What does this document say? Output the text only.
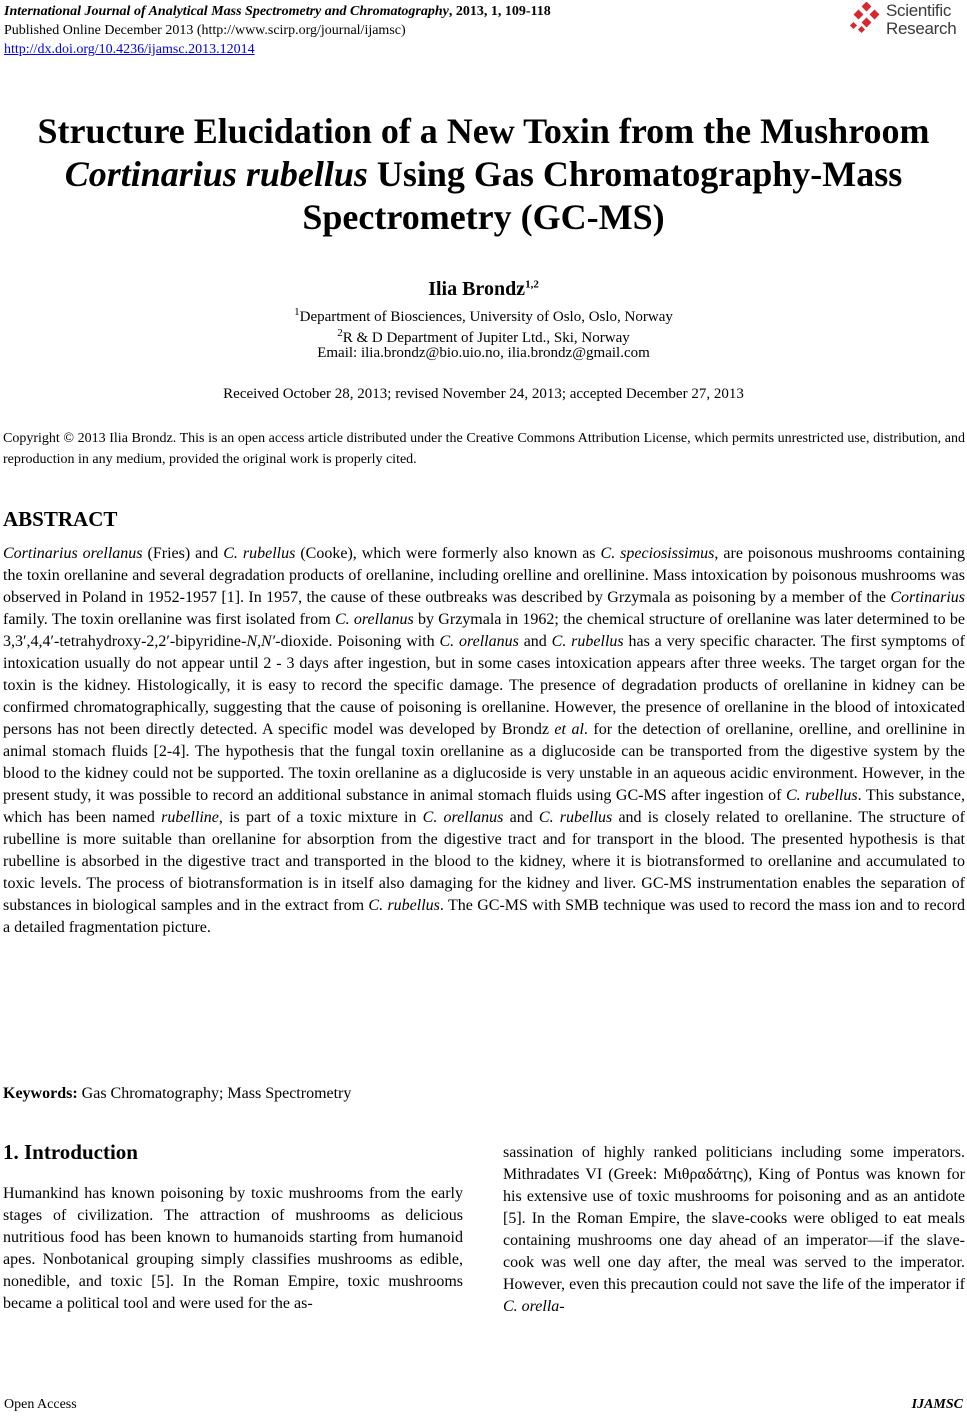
International Journal of Analytical Mass Spectrometry and Chromatography, 2013, 1, 109-118
Published Online December 2013 (http://www.scirp.org/journal/ijamsc)
http://dx.doi.org/10.4236/ijamsc.2013.12014
Scientific
Research
Structure Elucidation of a New Toxin from the Mushroom
Cortinarius rubellus Using Gas Chromatography-Mass
Spectrometry (GC-MS)
Ilia Brondz$^{1,2}$
$^1$Department of Biosciences, University of Oslo, Oslo, Norway
$^2$R & D Department of Jupiter Ltd., Ski, Norway
Email: ilia.brondz@bio.uio.no, ilia.brondz@gmail.com
Received October 28, 2013; revised November 24, 2013; accepted December 27, 2013
Copyright © 2013 Ilia Brondz. This is an open access article distributed under the Creative Commons Attribution License, which permits unrestricted use, distribution, and reproduction in any medium, provided the original work is properly cited.
ABSTRACT

Cortinarius orellanus (Fries) and C. rubellus (Cooke), which were formerly also known as C. speciosissimus, are poisonous mushrooms containing the toxin orellanine and several degradation products of orellanine, including orelline and orellinine. Mass intoxication by poisonous mushrooms was observed in Poland in 1952-1957 [1]. In 1957, the cause of these outbreaks was described by Grzymala as poisoning by a member of the Cortinarius family. The toxin orellanine was first isolated from C. orellanus by Grzymala in 1962; the chemical structure of orellanine was later determined to be 3,3′,4,4′-tetrahydroxy-2,2′-bipyridine-N,N′-dioxide. Poisoning with C. orellanus and C. rubellus has a very specific character. The first symptoms of intoxication usually do not appear until 2 - 3 days after ingestion, but in some cases intoxication appears after three weeks. The target organ for the toxin is the kidney. Histologically, it is easy to record the specific damage. The presence of degradation products of orellanine in kidney can be confirmed chromatographically, suggesting that the cause of poisoning is orellanine. However, the presence of orellanine in the blood of intoxicated persons has not been directly detected. A specific model was developed by Brondz et al. for the detection of orellanine, orelline, and orellinine in animal stomach fluids [2-4]. The hypothesis that the fungal toxin orellanine as a diglucoside can be transported from the digestive system by the blood to the kidney could not be supported. The toxin orellanine as a diglucoside is very unstable in an aqueous acidic environment. However, in the present study, it was possible to record an additional substance in animal stomach fluids using GC-MS after ingestion of C. rubellus. This substance, which has been named rubelline, is part of a toxic mixture in C. orellanus and C. rubellus and is closely related to orellanine. The structure of rubelline is more suitable than orellanine for absorption from the digestive tract and for transport in the blood. The presented hypothesis is that rubelline is absorbed in the digestive tract and transported in the blood to the kidney, where it is biotransformed to orellanine and accumulated to toxic levels. The process of biotransformation is in itself also damaging for the kidney and liver. GC-MS instrumentation enables the separation of substances in biological samples and in the extract from C. rubellus. The GC-MS with SMB technique was used to record the mass ion and to record a detailed fragmentation picture.

Keywords: Gas Chromatography; Mass Spectrometry
1. Introduction

Humankind has known poisoning by toxic mushrooms from the early stages of civilization. The attraction of mushrooms as delicious nutritious food has been known to humanoids starting from humanoid apes. Nonbotanical grouping simply classifies mushrooms as edible, nonedible, and toxic [5]. In the Roman Empire, toxic mushrooms became a political tool and were used for the as-

sassination of highly ranked politicians including some imperators. Mithradates VI (Greek: Μιθραδάτης), King of Pontus was known for his extensive use of toxic mushrooms for poisoning and as an antidote [5]. In the Roman Empire, the slave-cooks were obliged to eat meals containing mushrooms one day ahead of an imperator—if the slave-cook was well one day after, the meal was served to the imperator. However, even this precaution could not save the life of the imperator if C. orella-

Open Access	IJAMSC
